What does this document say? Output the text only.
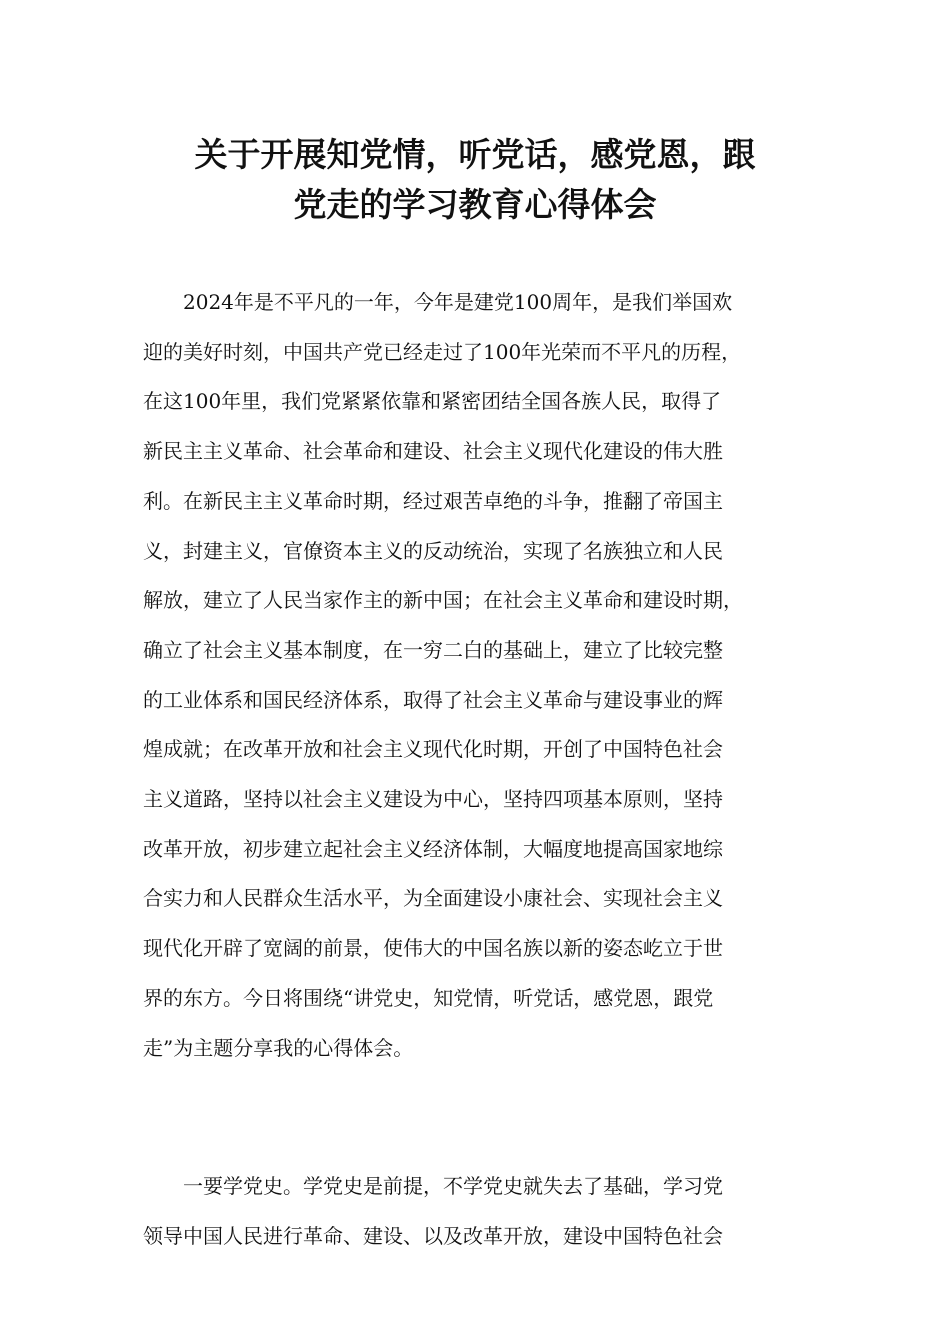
关于开展知党情，听党话，感党恩，跟
党走的学习教育心得体会

　　2024年是不平凡的一年，今年是建党100周年，是我们举国欢
迎的美好时刻，中国共产党已经走过了100年光荣而不平凡的历程，
在这100年里，我们党紧紧依靠和紧密团结全国各族人民，取得了
新民主主义革命、社会革命和建设、社会主义现代化建设的伟大胜
利。在新民主主义革命时期，经过艰苦卓绝的斗争，推翻了帝国主
义，封建主义，官僚资本主义的反动统治，实现了名族独立和人民
解放，建立了人民当家作主的新中国；在社会主义革命和建设时期，
确立了社会主义基本制度，在一穷二白的基础上，建立了比较完整
的工业体系和国民经济体系，取得了社会主义革命与建设事业的辉
煌成就；在改革开放和社会主义现代化时期，开创了中国特色社会
主义道路，坚持以社会主义建设为中心，坚持四项基本原则，坚持
改革开放，初步建立起社会主义经济体制，大幅度地提高国家地综
合实力和人民群众生活水平，为全面建设小康社会、实现社会主义
现代化开辟了宽阔的前景，使伟大的中国名族以新的姿态屹立于世
界的东方。今日将围绕“讲党史，知党情，听党话，感党恩，跟党
走”为主题分享我的心得体会。

　　一要学党史。学党史是前提，不学党史就失去了基础，学习党
领导中国人民进行革命、建设、以及改革开放，建设中国特色社会
